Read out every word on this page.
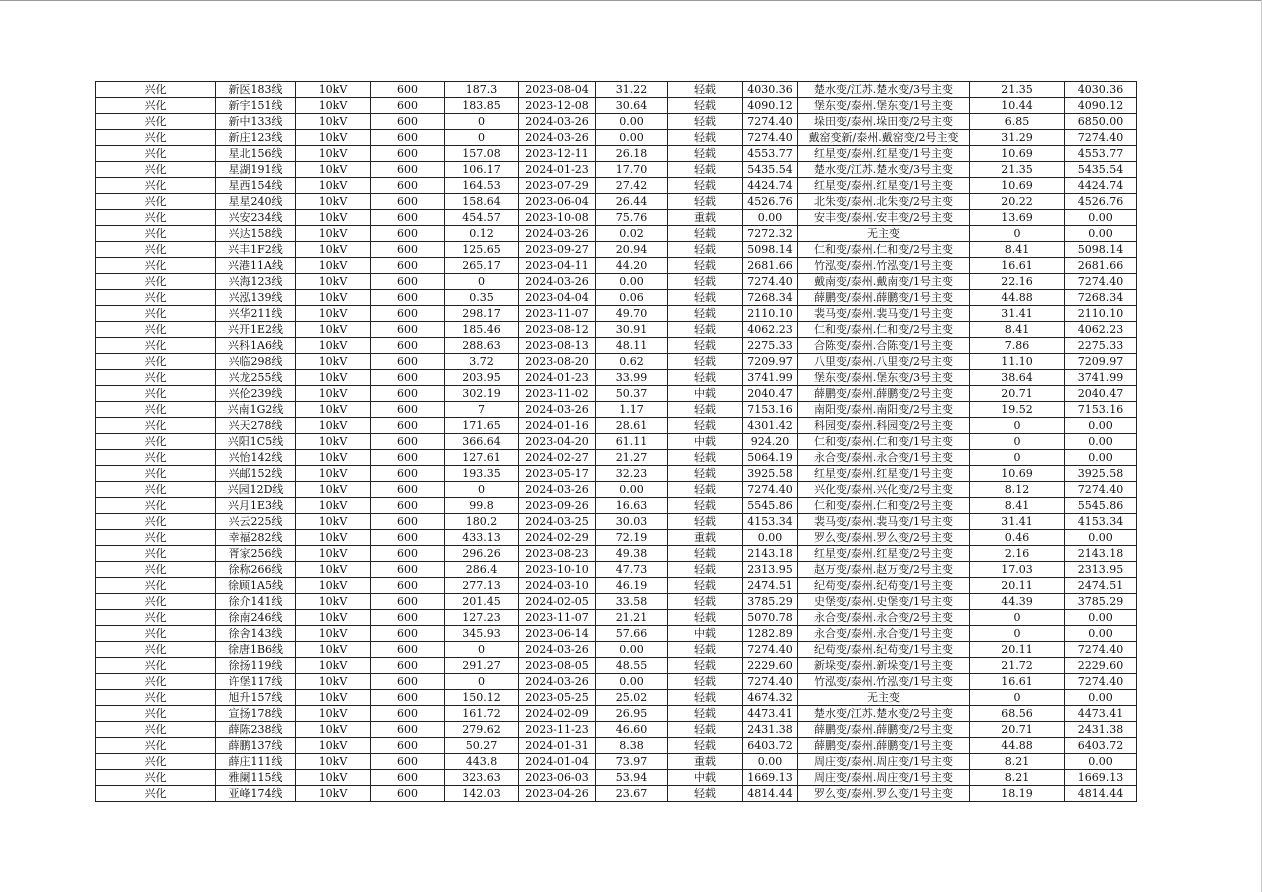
兴化	新医183线	10kV	600	187.3	2023-08-04	31.22	轻载	4030.36	楚水变/江苏.楚水变/3号主变	21.35	4030.36
兴化	新宇151线	10kV	600	183.85	2023-12-08	30.64	轻载	4090.12	堡东变/泰州.堡东变/1号主变	10.44	4090.12
兴化	新中133线	10kV	600	0	2024-03-26	0.00	轻载	7274.40	垛田变/泰州.垛田变/2号主变	6.85	6850.00
兴化	新庄123线	10kV	600	0	2024-03-26	0.00	轻载	7274.40	戴窑变新/泰州.戴窑变/2号主变	31.29	7274.40
兴化	星北156线	10kV	600	157.08	2023-12-11	26.18	轻载	4553.77	红星变/泰州.红星变/1号主变	10.69	4553.77
兴化	星湖191线	10kV	600	106.17	2024-01-23	17.70	轻载	5435.54	楚水变/江苏.楚水变/3号主变	21.35	5435.54
兴化	星西154线	10kV	600	164.53	2023-07-29	27.42	轻载	4424.74	红星变/泰州.红星变/1号主变	10.69	4424.74
兴化	星星240线	10kV	600	158.64	2023-06-04	26.44	轻载	4526.76	北朱变/泰州.北朱变/2号主变	20.22	4526.76
兴化	兴安234线	10kV	600	454.57	2023-10-08	75.76	重载	0.00	安丰变/泰州.安丰变/2号主变	13.69	0.00
兴化	兴达158线	10kV	600	0.12	2024-03-26	0.02	轻载	7272.32	无主变	0	0.00
兴化	兴丰1F2线	10kV	600	125.65	2023-09-27	20.94	轻载	5098.14	仁和变/泰州.仁和变/2号主变	8.41	5098.14
兴化	兴港11A线	10kV	600	265.17	2023-04-11	44.20	轻载	2681.66	竹泓变/泰州.竹泓变/1号主变	16.61	2681.66
兴化	兴海123线	10kV	600	0	2024-03-26	0.00	轻载	7274.40	戴南变/泰州.戴南变/1号主变	22.16	7274.40
兴化	兴泓139线	10kV	600	0.35	2023-04-04	0.06	轻载	7268.34	薛鹏变/泰州.薛鹏变/1号主变	44.88	7268.34
兴化	兴华211线	10kV	600	298.17	2023-11-07	49.70	轻载	2110.10	裴马变/泰州.裴马变/1号主变	31.41	2110.10
兴化	兴开1E2线	10kV	600	185.46	2023-08-12	30.91	轻载	4062.23	仁和变/泰州.仁和变/2号主变	8.41	4062.23
兴化	兴科1A6线	10kV	600	288.63	2023-08-13	48.11	轻载	2275.33	合陈变/泰州.合陈变/1号主变	7.86	2275.33
兴化	兴临298线	10kV	600	3.72	2023-08-20	0.62	轻载	7209.97	八里变/泰州.八里变/2号主变	11.10	7209.97
兴化	兴龙255线	10kV	600	203.95	2024-01-23	33.99	轻载	3741.99	堡东变/泰州.堡东变/3号主变	38.64	3741.99
兴化	兴伦239线	10kV	600	302.19	2023-11-02	50.37	中载	2040.47	薛鹏变/泰州.薛鹏变/2号主变	20.71	2040.47
兴化	兴南1G2线	10kV	600	7	2024-03-26	1.17	轻载	7153.16	南阳变/泰州.南阳变/2号主变	19.52	7153.16
兴化	兴天278线	10kV	600	171.65	2024-01-16	28.61	轻载	4301.42	科园变/泰州.科园变/2号主变	0	0.00
兴化	兴阳1C5线	10kV	600	366.64	2023-04-20	61.11	中载	924.20	仁和变/泰州.仁和变/1号主变	0	0.00
兴化	兴怡142线	10kV	600	127.61	2024-02-27	21.27	轻载	5064.19	永合变/泰州.永合变/1号主变	0	0.00
兴化	兴邮152线	10kV	600	193.35	2023-05-17	32.23	轻载	3925.58	红星变/泰州.红星变/1号主变	10.69	3925.58
兴化	兴园12D线	10kV	600	0	2024-03-26	0.00	轻载	7274.40	兴化变/泰州.兴化变/2号主变	8.12	7274.40
兴化	兴月1E3线	10kV	600	99.8	2023-09-26	16.63	轻载	5545.86	仁和变/泰州.仁和变/2号主变	8.41	5545.86
兴化	兴云225线	10kV	600	180.2	2024-03-25	30.03	轻载	4153.34	裴马变/泰州.裴马变/1号主变	31.41	4153.34
兴化	幸福282线	10kV	600	433.13	2024-02-29	72.19	重载	0.00	罗么变/泰州.罗么变/2号主变	0.46	0.00
兴化	胥家256线	10kV	600	296.26	2023-08-23	49.38	轻载	2143.18	红星变/泰州.红星变/2号主变	2.16	2143.18
兴化	徐称266线	10kV	600	286.4	2023-10-10	47.73	轻载	2313.95	赵万变/泰州.赵万变/2号主变	17.03	2313.95
兴化	徐顾1A5线	10kV	600	277.13	2024-03-10	46.19	轻载	2474.51	纪苟变/泰州.纪苟变/1号主变	20.11	2474.51
兴化	徐介141线	10kV	600	201.45	2024-02-05	33.58	轻载	3785.29	史堡变/泰州.史堡变/1号主变	44.39	3785.29
兴化	徐南246线	10kV	600	127.23	2023-11-07	21.21	轻载	5070.78	永合变/泰州.永合变/2号主变	0	0.00
兴化	徐舍143线	10kV	600	345.93	2023-06-14	57.66	中载	1282.89	永合变/泰州.永合变/1号主变	0	0.00
兴化	徐唐1B6线	10kV	600	0	2024-03-26	0.00	轻载	7274.40	纪苟变/泰州.纪苟变/1号主变	20.11	7274.40
兴化	徐扬119线	10kV	600	291.27	2023-08-05	48.55	轻载	2229.60	新垛变/泰州.新垛变/1号主变	21.72	2229.60
兴化	许堡117线	10kV	600	0	2024-03-26	0.00	轻载	7274.40	竹泓变/泰州.竹泓变/1号主变	16.61	7274.40
兴化	旭升157线	10kV	600	150.12	2023-05-25	25.02	轻载	4674.32	无主变	0	0.00
兴化	宣扬178线	10kV	600	161.72	2024-02-09	26.95	轻载	4473.41	楚水变/江苏.楚水变/2号主变	68.56	4473.41
兴化	薛陈238线	10kV	600	279.62	2023-11-23	46.60	轻载	2431.38	薛鹏变/泰州.薛鹏变/2号主变	20.71	2431.38
兴化	薛鹏137线	10kV	600	50.27	2024-01-31	8.38	轻载	6403.72	薛鹏变/泰州.薛鹏变/1号主变	44.88	6403.72
兴化	薛庄111线	10kV	600	443.8	2024-01-04	73.97	重载	0.00	周庄变/泰州.周庄变/1号主变	8.21	0.00
兴化	雅阑115线	10kV	600	323.63	2023-06-03	53.94	中载	1669.13	周庄变/泰州.周庄变/1号主变	8.21	1669.13
兴化	亚峰174线	10kV	600	142.03	2023-04-26	23.67	轻载	4814.44	罗么变/泰州.罗么变/1号主变	18.19	4814.44
